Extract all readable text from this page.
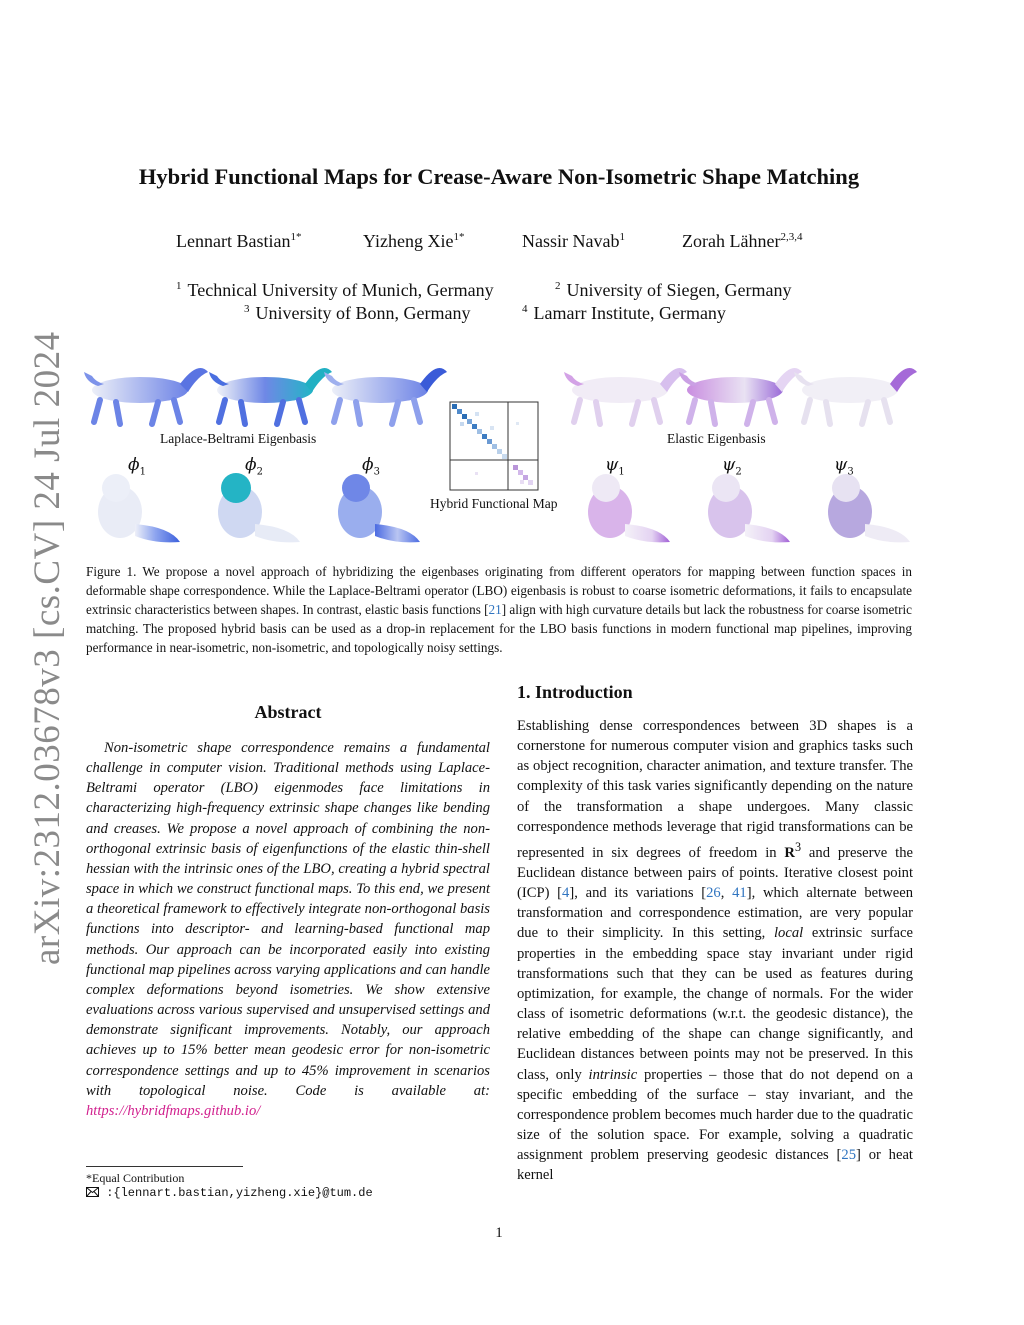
arXiv:2312.03678v3 [cs.CV] 24 Jul 2024
Hybrid Functional Maps for Crease-Aware Non-Isometric Shape Matching
Lennart Bastian$^{1*}$	Yizheng Xie$^{1*}$	Nassir Navab$^1$	Zorah Lähner$^{2,3,4}$
$^1$ Technical University of Munich, Germany	$^2$ University of Siegen, Germany
$^3$ University of Bonn, Germany	$^4$ Lamarr Institute, Germany
Laplace-Beltrami Eigenbasis	Elastic Eigenbasis
Hybrid Functional Map
$\phi_1$	$\phi_2$	$\phi_3$	$\psi_1$	$\psi_2$	$\psi_3$
Figure 1. We propose a novel approach of hybridizing the eigenbases originating from different operators for mapping between function spaces in deformable shape correspondence. While the Laplace-Beltrami operator (LBO) eigenbasis is robust to coarse isometric deformations, it fails to encapsulate extrinsic characteristics between shapes. In contrast, elastic basis functions [21] align with high curvature details but lack the robustness for coarse isometric matching. The proposed hybrid basis can be used as a drop-in replacement for the LBO basis functions in modern functional map pipelines, improving performance in near-isometric, non-isometric, and topologically noisy settings.
Abstract
Non-isometric shape correspondence remains a fundamental challenge in computer vision. Traditional methods using Laplace-Beltrami operator (LBO) eigenmodes face limitations in characterizing high-frequency extrinsic shape changes like bending and creases. We propose a novel approach of combining the non-orthogonal extrinsic basis of eigenfunctions of the elastic thin-shell hessian with the intrinsic ones of the LBO, creating a hybrid spectral space in which we construct functional maps. To this end, we present a theoretical framework to effectively integrate non-orthogonal basis functions into descriptor- and learning-based functional map methods. Our approach can be incorporated easily into existing functional map pipelines across varying applications and can handle complex deformations beyond isometries. We show extensive evaluations across various supervised and unsupervised settings and demonstrate significant improvements. Notably, our approach achieves up to 15% better mean geodesic error for non-isometric correspondence settings and up to 45% improvement in scenarios with topological noise. Code is available at: https://hybridfmaps.github.io/
1. Introduction
Establishing dense correspondences between 3D shapes is a cornerstone for numerous computer vision and graphics tasks such as object recognition, character animation, and texture transfer. The complexity of this task varies significantly depending on the nature of the transformation a shape undergoes. Many classic correspondence methods leverage that rigid transformations can be represented in six degrees of freedom in $R^3$ and preserve the Euclidean distance between pairs of points. Iterative closest point (ICP) [4], and its variations [26, 41], which alternate between transformation and correspondence estimation, are very popular due to their simplicity. In this setting, local extrinsic surface properties in the embedding space stay invariant under rigid transformations such that they can be used as features during optimization, for example, the change of normals. For the wider class of isometric deformations (w.r.t. the geodesic distance), the relative embedding of the shape can change significantly, and Euclidean distances between points may not be preserved. In this class, only intrinsic properties – those that do not depend on a specific embedding of the surface – stay invariant, and the correspondence problem becomes much harder due to the quadratic size of the solution space. For example, solving a quadratic assignment problem preserving geodesic distances [25] or heat kernel
*Equal Contribution
:{lennart.bastian,yizheng.xie}@tum.de
1
